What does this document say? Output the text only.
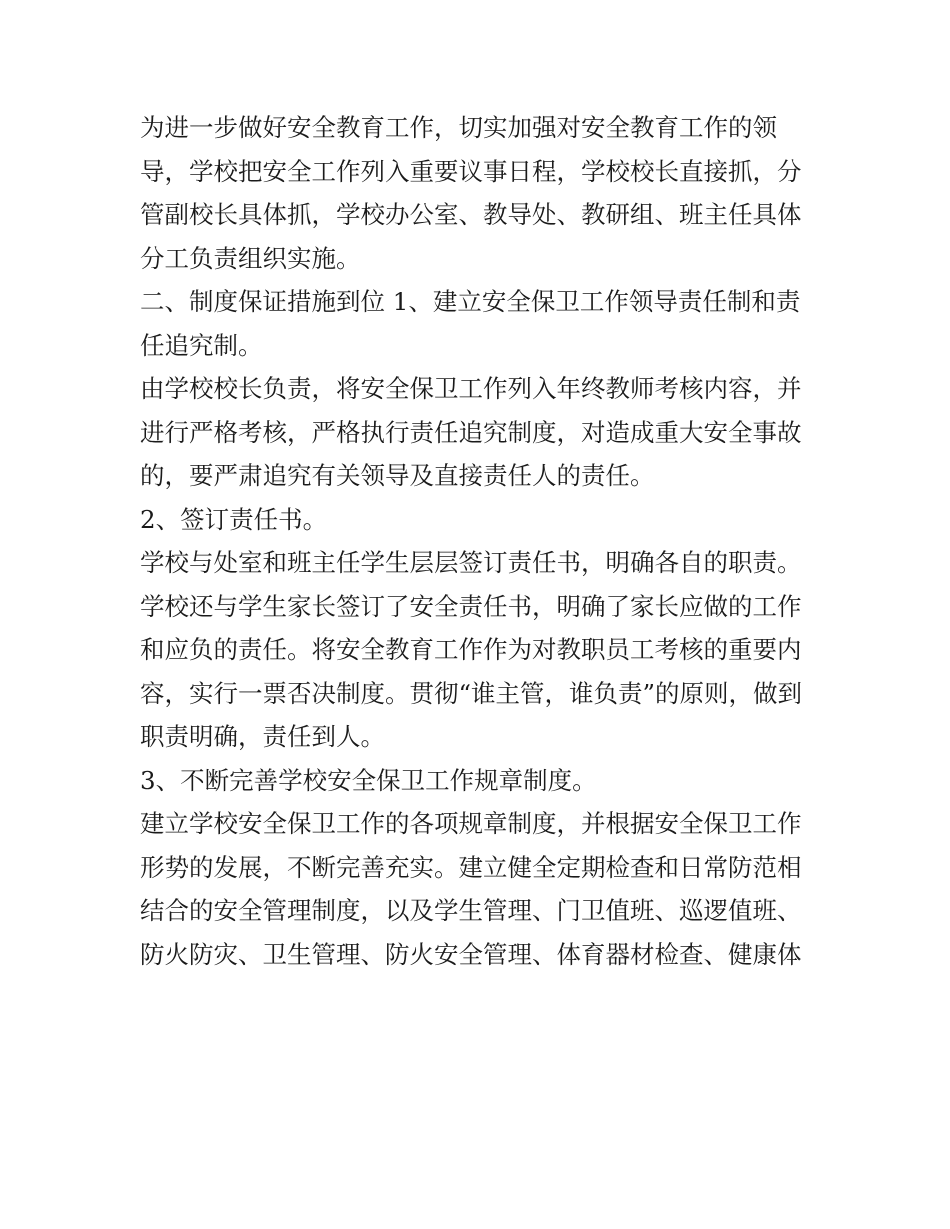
为进一步做好安全教育工作，切实加强对安全教育工作的领
导，学校把安全工作列入重要议事日程，学校校长直接抓，分
管副校长具体抓，学校办公室、教导处、教研组、班主任具体
分工负责组织实施。
二、制度保证措施到位 1、建立安全保卫工作领导责任制和责
任追究制。
由学校校长负责，将安全保卫工作列入年终教师考核内容，并
进行严格考核，严格执行责任追究制度，对造成重大安全事故
的，要严肃追究有关领导及直接责任人的责任。
2、签订责任书。
学校与处室和班主任学生层层签订责任书，明确各自的职责。
学校还与学生家长签订了安全责任书，明确了家长应做的工作
和应负的责任。将安全教育工作作为对教职员工考核的重要内
容，实行一票否决制度。贯彻“谁主管，谁负责”的原则，做到
职责明确，责任到人。
3、不断完善学校安全保卫工作规章制度。
建立学校安全保卫工作的各项规章制度，并根据安全保卫工作
形势的发展，不断完善充实。建立健全定期检查和日常防范相
结合的安全管理制度，以及学生管理、门卫值班、巡逻值班、
防火防灾、卫生管理、防火安全管理、体育器材检查、健康体
